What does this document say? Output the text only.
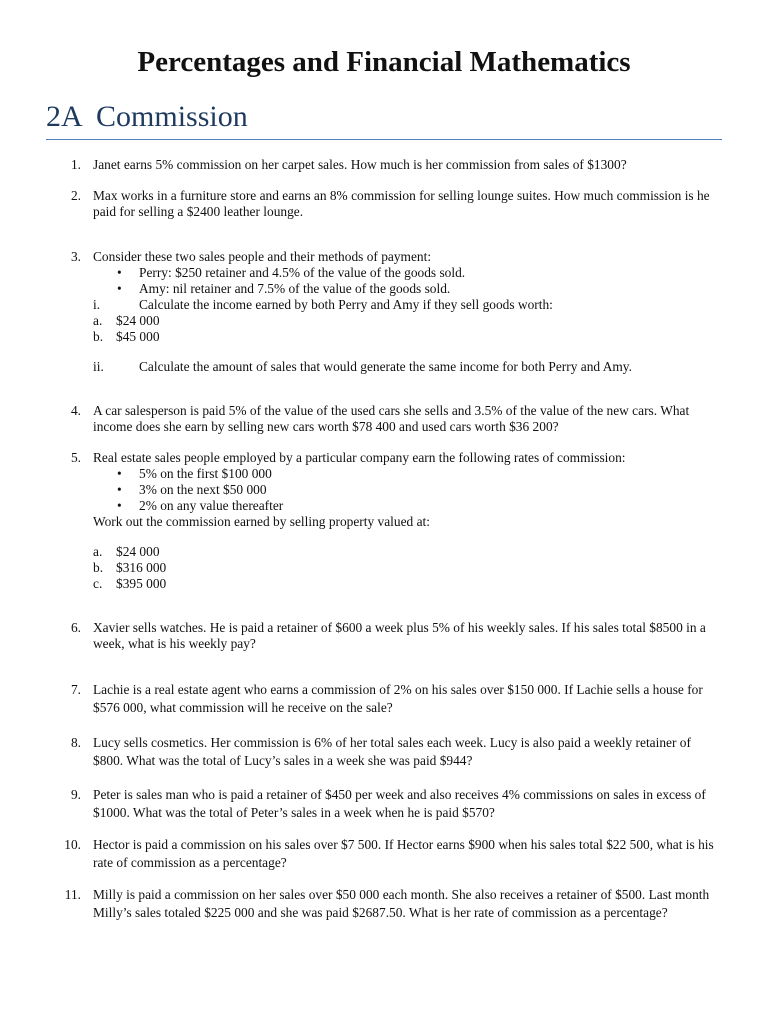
Percentages and Financial Mathematics
2A  Commission
1. Janet earns 5% commission on her carpet sales. How much is her commission from sales of $1300?

2. Max works in a furniture store and earns an 8% commission for selling lounge suites. How much commission is he paid for selling a $2400 leather lounge.

3. Consider these two sales people and their methods of payment:

• Perry: $250 retainer and 4.5% of the value of the goods sold.

• Amy: nil retainer and 7.5% of the value of the goods sold.

i.	Calculate the income earned by both Perry and Amy if they sell goods worth:

a. $24 000

b. $45 000

ii.	Calculate the amount of sales that would generate the same income for both Perry and Amy.

4. A car salesperson is paid 5% of the value of the used cars she sells and 3.5% of the value of the new cars. What income does she earn by selling new cars worth $78 400 and used cars worth $36 200?

5. Real estate sales people employed by a particular company earn the following rates of commission:

• 5% on the first $100 000

• 3% on the next $50 000

• 2% on any value thereafter

Work out the commission earned by selling property valued at:

a. $24 000

b. $316 000

c. $395 000

6. Xavier sells watches. He is paid a retainer of $600 a week plus 5% of his weekly sales. If his sales total $8500 in a week, what is his weekly pay?

7. Lachie is a real estate agent who earns a commission of 2% on his sales over $150 000. If Lachie sells a house for $576 000, what commission will he receive on the sale?

8. Lucy sells cosmetics. Her commission is 6% of her total sales each week. Lucy is also paid a weekly retainer of $800. What was the total of Lucy’s sales in a week she was paid $944?

9. Peter is sales man who is paid a retainer of $450 per week and also receives 4% commissions on sales in excess of $1000. What was the total of Peter’s sales in a week when he is paid $570?

10. Hector is paid a commission on his sales over $7 500. If Hector earns $900 when his sales total $22 500, what is his rate of commission as a percentage?

11. Milly is paid a commission on her sales over $50 000 each month. She also receives a retainer of $500. Last month Milly’s sales totaled $225 000 and she was paid $2687.50. What is her rate of commission as a percentage?
